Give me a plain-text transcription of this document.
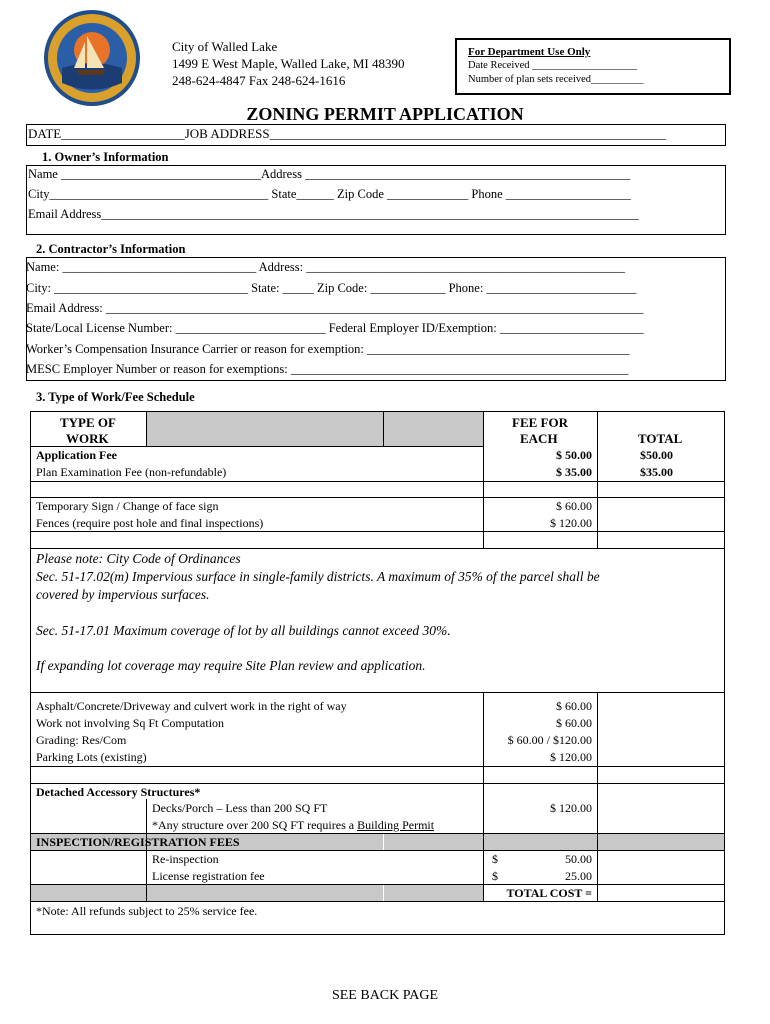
City of Walled Lake
1499 E West Maple, Walled Lake, MI 48390
248-624-4847 Fax 248-624-1616
For Department Use Only
Date Received ____________________
Number of plan sets received__________
ZONING PERMIT APPLICATION
DATE___________________JOB ADDRESS_____________________________________________________________
1. Owner’s Information
Name ________________________________Address ____________________________________________________
City___________________________________ State______ Zip Code _____________ Phone ____________________
Email Address______________________________________________________________________________________
2. Contractor’s Information
Name: _______________________________ Address: ___________________________________________________
City: _______________________________ State: _____ Zip Code: ____________ Phone: ________________________
Email Address: ______________________________________________________________________________________
State/Local License Number: ________________________ Federal Employer ID/Exemption: _______________________
Worker’s Compensation Insurance Carrier or reason for exemption: __________________________________________
MESC Employer Number or reason for exemptions: ______________________________________________________
3. Type of Work/Fee Schedule
TYPE OF
WORK
FEE FOR
EACH	TOTAL
Application Fee	$ 50.00	$50.00
Plan Examination Fee (non-refundable)	$ 35.00	$35.00
Temporary Sign / Change of face sign	$ 60.00
Fences (require post hole and final inspections)	$ 120.00
Please note: City Code of Ordinances
Sec. 51-17.02(m) Impervious surface in single-family districts. A maximum of 35% of the parcel shall be
covered by impervious surfaces.
Sec. 51-17.01 Maximum coverage of lot by all buildings cannot exceed 30%.
If expanding lot coverage may require Site Plan review and application.
Asphalt/Concrete/Driveway and culvert work in the right of way	$ 60.00
Work not involving Sq Ft Computation	$ 60.00
Grading: Res/Com	$ 60.00 / $120.00
Parking Lots (existing)	$ 120.00
Detached Accessory Structures*
Decks/Porch – Less than 200 SQ FT	$ 120.00
*Any structure over 200 SQ FT requires a Building Permit
INSPECTION/REGISTRATION FEES
Re-inspection	$	50.00
License registration fee	$	25.00
TOTAL COST =
*Note: All refunds subject to 25% service fee.
SEE BACK PAGE
